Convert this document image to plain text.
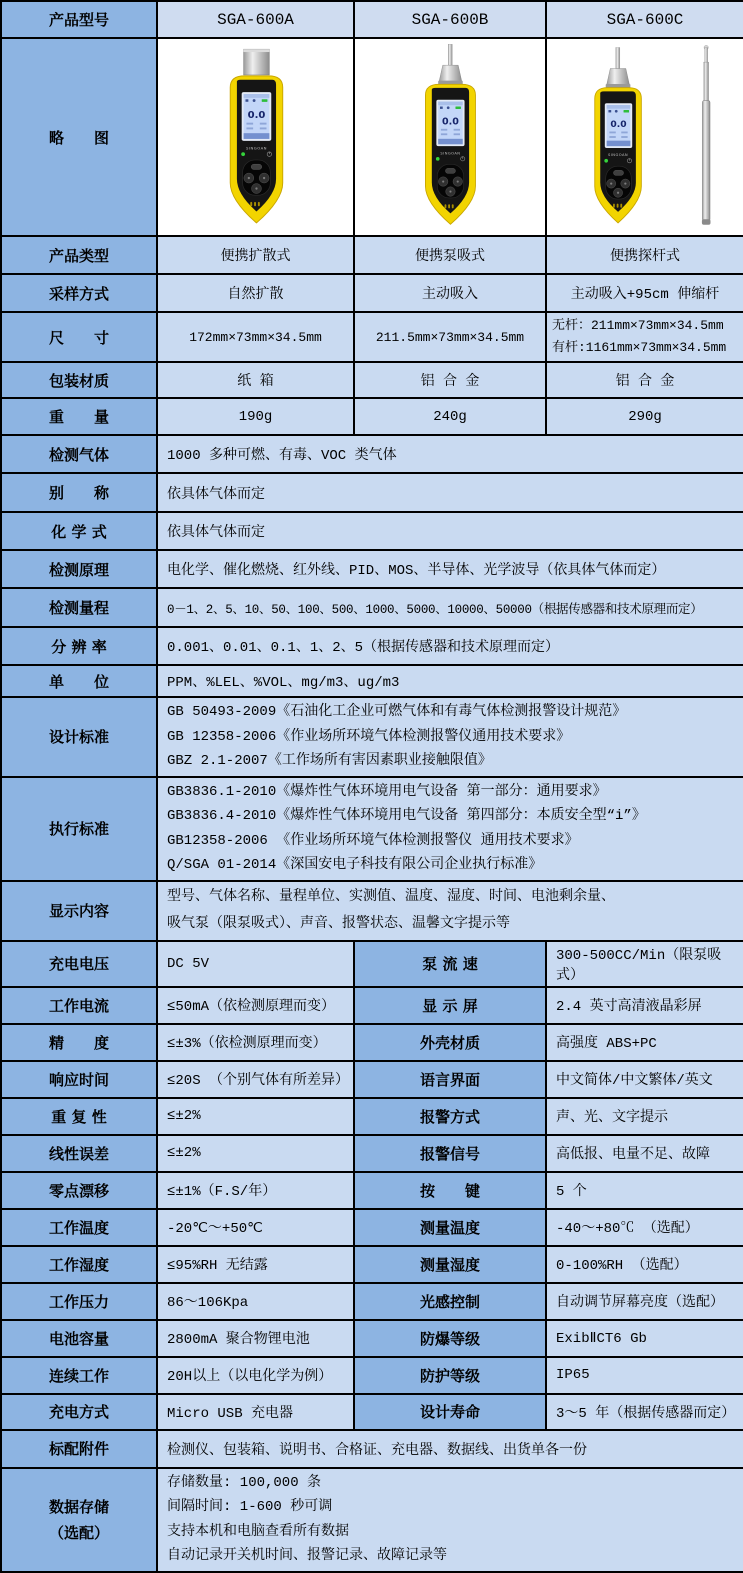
产品型号	SGA-600A	SGA-600B	SGA-600C
略　　图	0.0
SINGOAN	0.0
SINGOAN	0.0
SINGOAN

产品类型	便携扩散式	便携泵吸式	便携探杆式
采样方式	自然扩散	主动吸入	主动吸入+95cm 伸缩杆
尺　　寸	172mm×73mm×34.5mm	211.5mm×73mm×34.5mm	无杆：211mm×73mm×34.5mm
有杆:1161mm×73mm×34.5mm

包装材质	纸 箱	铝 合 金	铝 合 金
重　　量	190g	240g	290g
检测气体	1000 多种可燃、有毒、VOC 类气体		
别　　称	依具体气体而定		
化 学 式	依具体气体而定		
检测原理	电化学、催化燃烧、红外线、PID、MOS、半导体、光学波导（依具体气体而定）		
检测量程	0－1、2、5、10、50、100、500、1000、5000、10000、50000（根据传感器和技术原理而定）		
分 辨 率	0.001、0.01、0.1、1、2、5（根据传感器和技术原理而定）		
单　　位	PPM、%LEL、%VOL、mg/m3、ug/m3		
设计标准	GB 50493-2009《石油化工企业可燃气体和有毒气体检测报警设计规范》
GB 12358-2006《作业场所环境气体检测报警仪通用技术要求》
GBZ 2.1-2007《工作场所有害因素职业接触限值》		

执行标准	GB3836.1-2010《爆炸性气体环境用电气设备 第一部分：通用要求》
GB3836.4-2010《爆炸性气体环境用电气设备 第四部分：本质安全型“i”》
GB12358-2006 《作业场所环境气体检测报警仪 通用技术要求》
Q/SGA 01-2014《深国安电子科技有限公司企业执行标准》		

显示内容	型号、气体名称、量程单位、实测值、温度、湿度、时间、电池剩余量、
吸气泵（限泵吸式）、声音、报警状态、温馨文字提示等		

充电电压	DC 5V	泵 流 速	300-500CC/Min（限泵吸式）
工作电流	≤50mA（依检测原理而变）	显 示 屏	2.4 英寸高清液晶彩屏
精　　度	≤±3%（依检测原理而变）	外壳材质	高强度 ABS+PC
响应时间	≤20S （个别气体有所差异）	语言界面	中文简体/中文繁体/英文
重 复 性	≤±2%	报警方式	声、光、文字提示
线性误差	≤±2%	报警信号	高低报、电量不足、故障
零点漂移	≤±1%（F.S/年）	按　　键	5 个
工作温度	-20℃～+50℃	测量温度	-40～+80℃ （选配）
工作湿度	≤95%RH 无结露	测量湿度	0-100%RH （选配）
工作压力	86～106Kpa	光感控制	自动调节屏幕亮度（选配）
电池容量	2800mA 聚合物锂电池	防爆等级	ExibⅡCT6 Gb
连续工作	20H以上（以电化学为例）	防护等级	IP65
充电方式	Micro USB 充电器	设计寿命	3～5 年（根据传感器而定）
标配附件	检测仪、包装箱、说明书、合格证、充电器、数据线、出货单各一份		

数据存储
（选配）

存储数量: 100,000 条
间隔时间: 1-600 秒可调
支持本机和电脑查看所有数据
自动记录开关机时间、报警记录、故障记录等
